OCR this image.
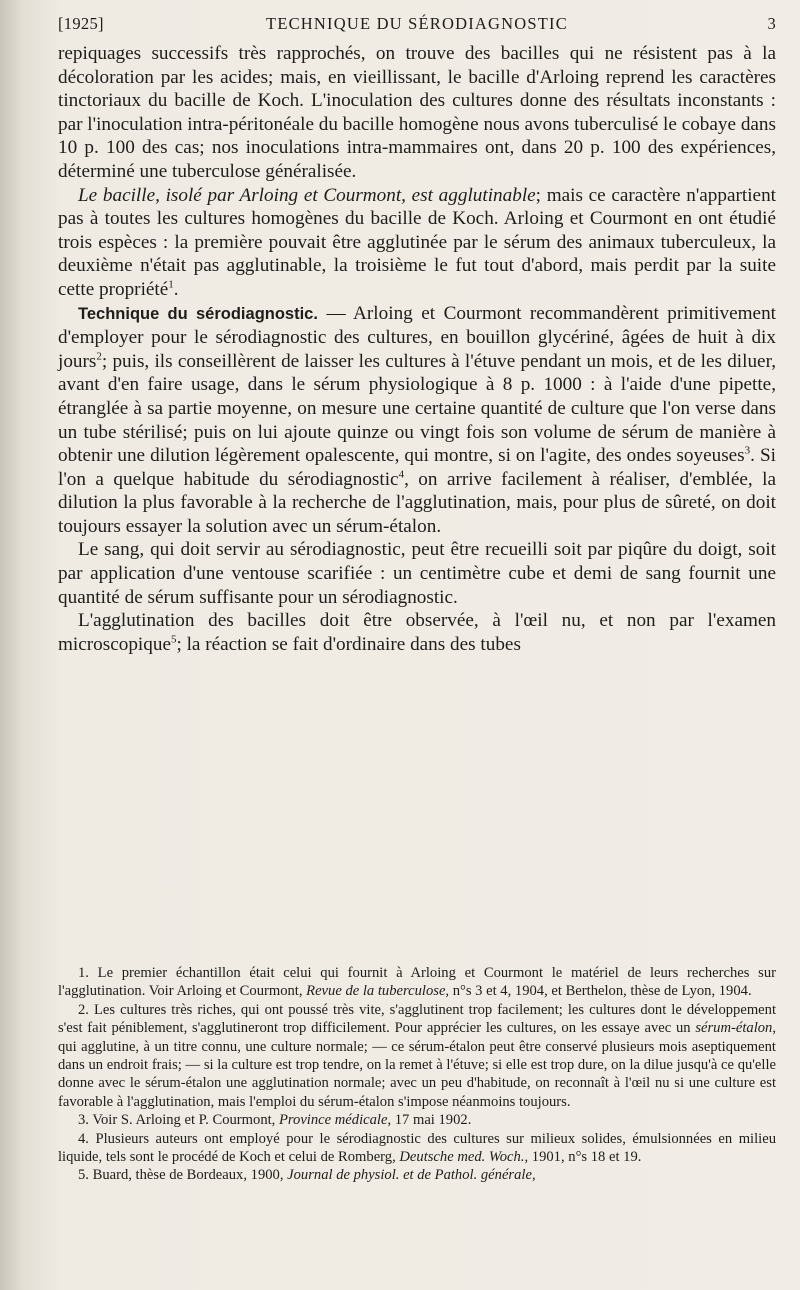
[1925]	TECHNIQUE DU SÉRODIAGNOSTIC	3

repiquages successifs très rapprochés, on trouve des bacilles qui ne résistent pas à la décoloration par les acides; mais, en vieillissant, le bacille d'Arloing reprend les caractères tinctoriaux du bacille de Koch. L'inoculation des cultures donne des résultats inconstants : par l'inoculation intra-péritonéale du bacille homogène nous avons tuberculisé le cobaye dans 10 p. 100 des cas; nos inoculations intra-mammaires ont, dans 20 p. 100 des expériences, déterminé une tuberculose généralisée.

Le bacille, isolé par Arloing et Courmont, est agglutinable; mais ce caractère n'appartient pas à toutes les cultures homogènes du bacille de Koch. Arloing et Courmont en ont étudié trois espèces : la première pouvait être agglutinée par le sérum des animaux tuberculeux, la deuxième n'était pas agglutinable, la troisième le fut tout d'abord, mais perdit par la suite cette propriété$^1$.

Technique du sérodiagnostic. — Arloing et Courmont recommandèrent primitivement d'employer pour le sérodiagnostic des cultures, en bouillon glycériné, âgées de huit à dix jours$^2$; puis, ils conseillèrent de laisser les cultures à l'étuve pendant un mois, et de les diluer, avant d'en faire usage, dans le sérum physiologique à 8 p. 1000 : à l'aide d'une pipette, étranglée à sa partie moyenne, on mesure une certaine quantité de culture que l'on verse dans un tube stérilisé; puis on lui ajoute quinze ou vingt fois son volume de sérum de manière à obtenir une dilution légèrement opalescente, qui montre, si on l'agite, des ondes soyeuses$^3$. Si l'on a quelque habitude du sérodiagnostic$^4$, on arrive facilement à réaliser, d'emblée, la dilution la plus favorable à la recherche de l'agglutination, mais, pour plus de sûreté, on doit toujours essayer la solution avec un sérum-étalon.

Le sang, qui doit servir au sérodiagnostic, peut être recueilli soit par piqûre du doigt, soit par application d'une ventouse scarifiée : un centimètre cube et demi de sang fournit une quantité de sérum suffisante pour un sérodiagnostic.

L'agglutination des bacilles doit être observée, à l'œil nu, et non par l'examen microscopique$^5$; la réaction se fait d'ordinaire dans des tubes

1. Le premier échantillon était celui qui fournit à Arloing et Courmont le matériel de leurs recherches sur l'agglutination. Voir Arloing et Courmont, Revue de la tuberculose, n°s 3 et 4, 1904, et Berthelon, thèse de Lyon, 1904.

2. Les cultures très riches, qui ont poussé très vite, s'agglutinent trop facilement; les cultures dont le développement s'est fait péniblement, s'agglutineront trop difficilement. Pour apprécier les cultures, on les essaye avec un sérum-étalon, qui agglutine, à un titre connu, une culture normale; — ce sérum-étalon peut être conservé plusieurs mois aseptiquement dans un endroit frais; — si la culture est trop tendre, on la remet à l'étuve; si elle est trop dure, on la dilue jusqu'à ce qu'elle donne avec le sérum-étalon une agglutination normale; avec un peu d'habitude, on reconnaît à l'œil nu si une culture est favorable à l'agglutination, mais l'emploi du sérum-étalon s'impose néanmoins toujours.

3. Voir S. Arloing et P. Courmont, Province médicale, 17 mai 1902.

4. Plusieurs auteurs ont employé pour le sérodiagnostic des cultures sur milieux solides, émulsionnées en milieu liquide, tels sont le procédé de Koch et celui de Romberg, Deutsche med. Woch., 1901, n°s 18 et 19.

5. Buard, thèse de Bordeaux, 1900, Journal de physiol. et de Pathol. générale,
